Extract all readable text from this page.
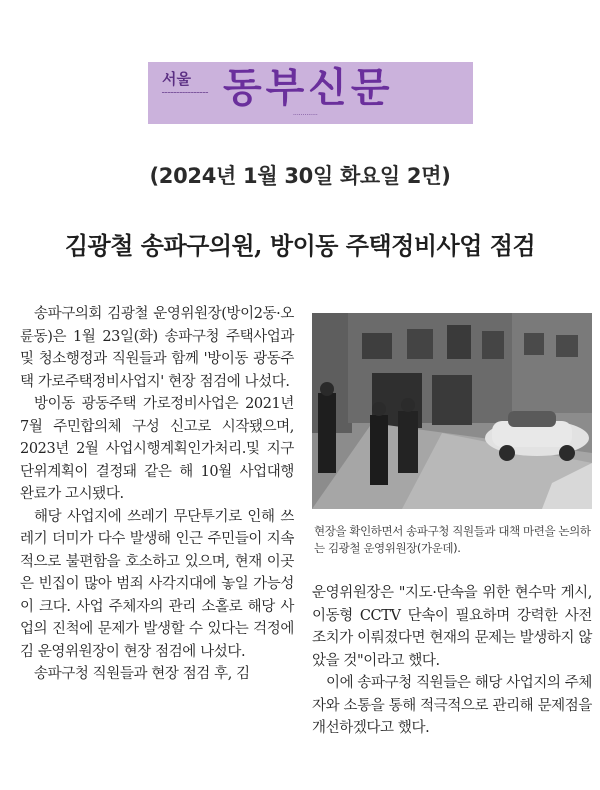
서울
━━━━━━━━━━━━━━━━ 동부신문
·············
(2024년 1월 30일 화요일 2면)
김광철 송파구의원, 방이동 주택정비사업 점검

송파구의회 김광철 운영위원장(방이2동·오륜동)은 1월 23일(화) 송파구청 주택사업과 및 청소행정과 직원들과 함께 '방이동 광동주택 가로주택정비사업지' 현장 점검에 나섰다.

방이동 광동주택 가로정비사업은 2021년 7월 주민합의체 구성 신고로 시작됐으며, 2023년 2월 사업시행계획인가처리.및 지구단위계획이 결정돼 같은 해 10월 사업대행 완료가 고시됐다.

해당 사업지에 쓰레기 무단투기로 인해 쓰레기 더미가 다수 발생해 인근 주민들이 지속적으로 불편함을 호소하고 있으며, 현재 이곳은 빈집이 많아 범죄 사각지대에 놓일 가능성이 크다. 사업 주체자의 관리 소홀로 해당 사업의 진척에 문제가 발생할 수 있다는 걱정에 김 운영위원장이 현장 점검에 나섰다.

송파구청 직원들과 현장 점검 후, 김

현장을 확인하면서 송파구청 직원들과 대책 마련을 논의하는 김광철 운영위원장(가운데).

운영위원장은 "지도·단속을 위한 현수막 게시, 이동형 CCTV 단속이 필요하며 강력한 사전 조치가 이뤄졌다면 현재의 문제는 발생하지 않았을 것"이라고 했다.

이에 송파구청 직원들은 해당 사업지의 주체자와 소통을 통해 적극적으로 관리해 문제점을 개선하겠다고 했다.
